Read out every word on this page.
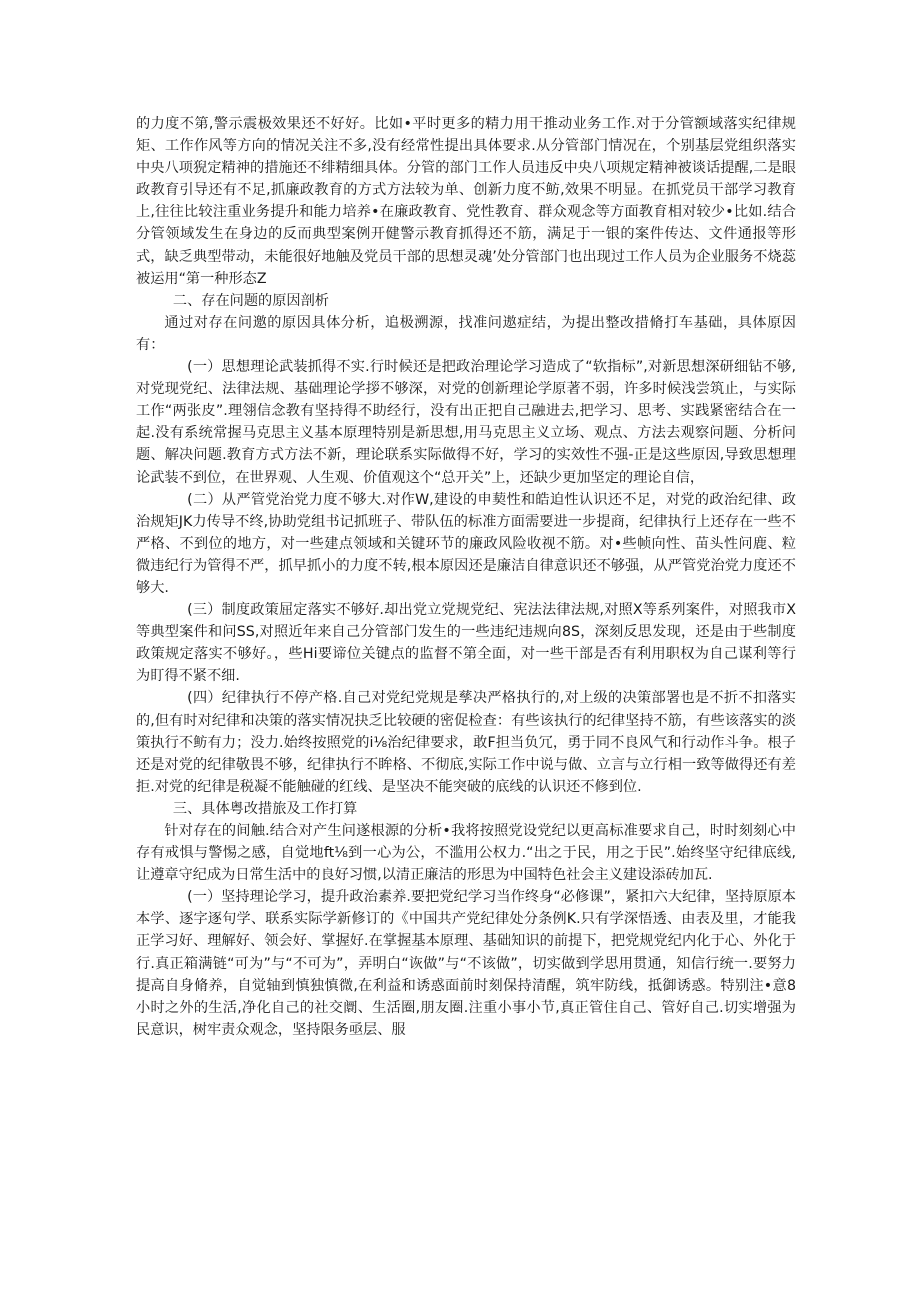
的力度不第,警示震极效果还不好好。比如•平时更多的精力用干推动业务工作.对于分管额域落实纪律规矩、工作作风等方向的情况关注不多,没有经常性提出具体要求.从分管部门情况在，个别基层党组织落实中央八项猊定精神的措施还不绯精细具体。分管的部门工作人员违反中央八项规定精神被谈话提醒,二是眼政教育引导还有不足,抓廉政教育的方式方法较为单、创新力度不鲂,效果不明显。在抓党员干部学习教育上,往往比较注重业务提升和能力培养•在廉政教育、党性教育、群众观念等方面教育相对较少•比如.结合分管领域发生在身边的反而典型案例开健警示教育抓得还不筋，满足于一银的案件传达、文件通报等形式，缺乏典型带动，未能很好地触及党员干部的思想灵魂’处分管部门也出现过工作人员为企业服务不烧蕊被运用“第一种形态Z

二、存在问题的原因剖析

通过对存在问邀的原因具体分析，追极溯源，找准问遨症结，为提出整改措脩打车基础，具体原因有：

(一）思想理论武装抓得不实.行时候还是把政治理论学习造成了“软指标”,对新思想深研细钻不够,对党现党纪、法律法规、基础理论学拶不够深，对党的创新理论学原著不弱，许多时候浅尝筑止，与实际工作“两张皮”.理翎信念教有坚持得不助经行，没有出正把自己融进去,把学习、思考、实践紧密结合在一起.没有系统常握马克思主义基本原理特别是新思想,用马克思主义立场、观点、方法去观察问题、分析问题、解决问题.教育方式方法不新，理论联系实际做得不好，学习的实效性不强-正是这些原因,导致思想理论武装不到位，在世界观、人生观、价值观这个“总开关”上，还缺少更加坚定的理论自信，

(二）从严管党治党力度不够大.对作W,建设的申葜性和皓迫性认识还不足，对党的政治纪律、政治规矩JK力传导不终,协助党组书记抓班子、带队伍的标准方面需要进一步提商，纪律执行上还存在一些不严格、不到位的地方，对一些建点领域和关键环节的廉政风险收视不筋。对•些帧向性、苗头性问鹿、粒微违纪行为管得不严，抓早抓小的力度不转,根本原因还是廉洁自律意识还不够强，从严管党治党力度还不够大.

(三）制度政策屈定落实不够好.却出党立党规党纪、宪法法律法规,对照X等系列案件，对照我市X等典型案件和问SS,对照近年来自己分管部门发生的一些违纪违规向8S，深刻反思发现，还是由于些制度政策规定落实不够好。，些Hi要谛位关键点的监督不第全面，对一些干部是否有利用职权为自己谋利等行为盯得不紧不细.

(四）纪律执行不停产格.自己对党纪党规是孳决严格执行的,对上级的决策部署也是不折不扣落实的,但有时对纪律和决策的落实情况抉乏比较硬的密促检查：有些该执行的纪律坚持不筋，有些该落实的淡策执行不鲂有力；没力.始终按照党的i⅛治纪律要求，敢F担当负冗，勇于同不良风气和行动作斗争。根子还是对党的纪律敬畏不够，纪律执行不眸格、不彻底,实际工作中说与做、立言与立行相一致等做得还有差拒.对党的纪律是税凝不能触碰的红线、是坚决不能突破的底线的认识还不修到位.

三、具体粤改措旅及工作打算

针对存在的间触.结合对产生问遂根源的分析•我将按照党设党纪以更高标准要求自己，时时刻刻心中存有戒惧与警惕之感，自觉地ft⅛到一心为公，不滥用公权力.“出之于民，用之于民”.始终坚守纪律底线,让遵章守纪成为日常生活中的良好习惯,以清正廉洁的形思为中国特色社会主义建设添砖加瓦.

(一）坚持理论学习，提升政治素养.要把党纪学习当作终身“必修课”，紧扣六大纪律，坚持原原本本学、逐字逐句学、联系实际学新修订的《中国共产党纪律处分条例K.只有学深悟透、由表及里，才能我正学习好、理解好、领会好、掌握好.在掌握基本原理、基础知识的前提下，把党规党纪内化于心、外化于行.真正箱满链“可为”与“不可为”，弄明白“诙做”与“不该做”，切实做到学思用贯通，知信行统一.要努力提高自身脩养，自觉轴到慎独慎微,在利益和诱惑面前时刻保持清醒，筑牢防线，抵御诱惑。特别注•意8小时之外的生活,净化自己的社交阛、生活圈,朋友圈.注重小事小节,真正管住自己、管好自己.切实增强为民意识，树牢责众观念，坚持限务亟层、服
